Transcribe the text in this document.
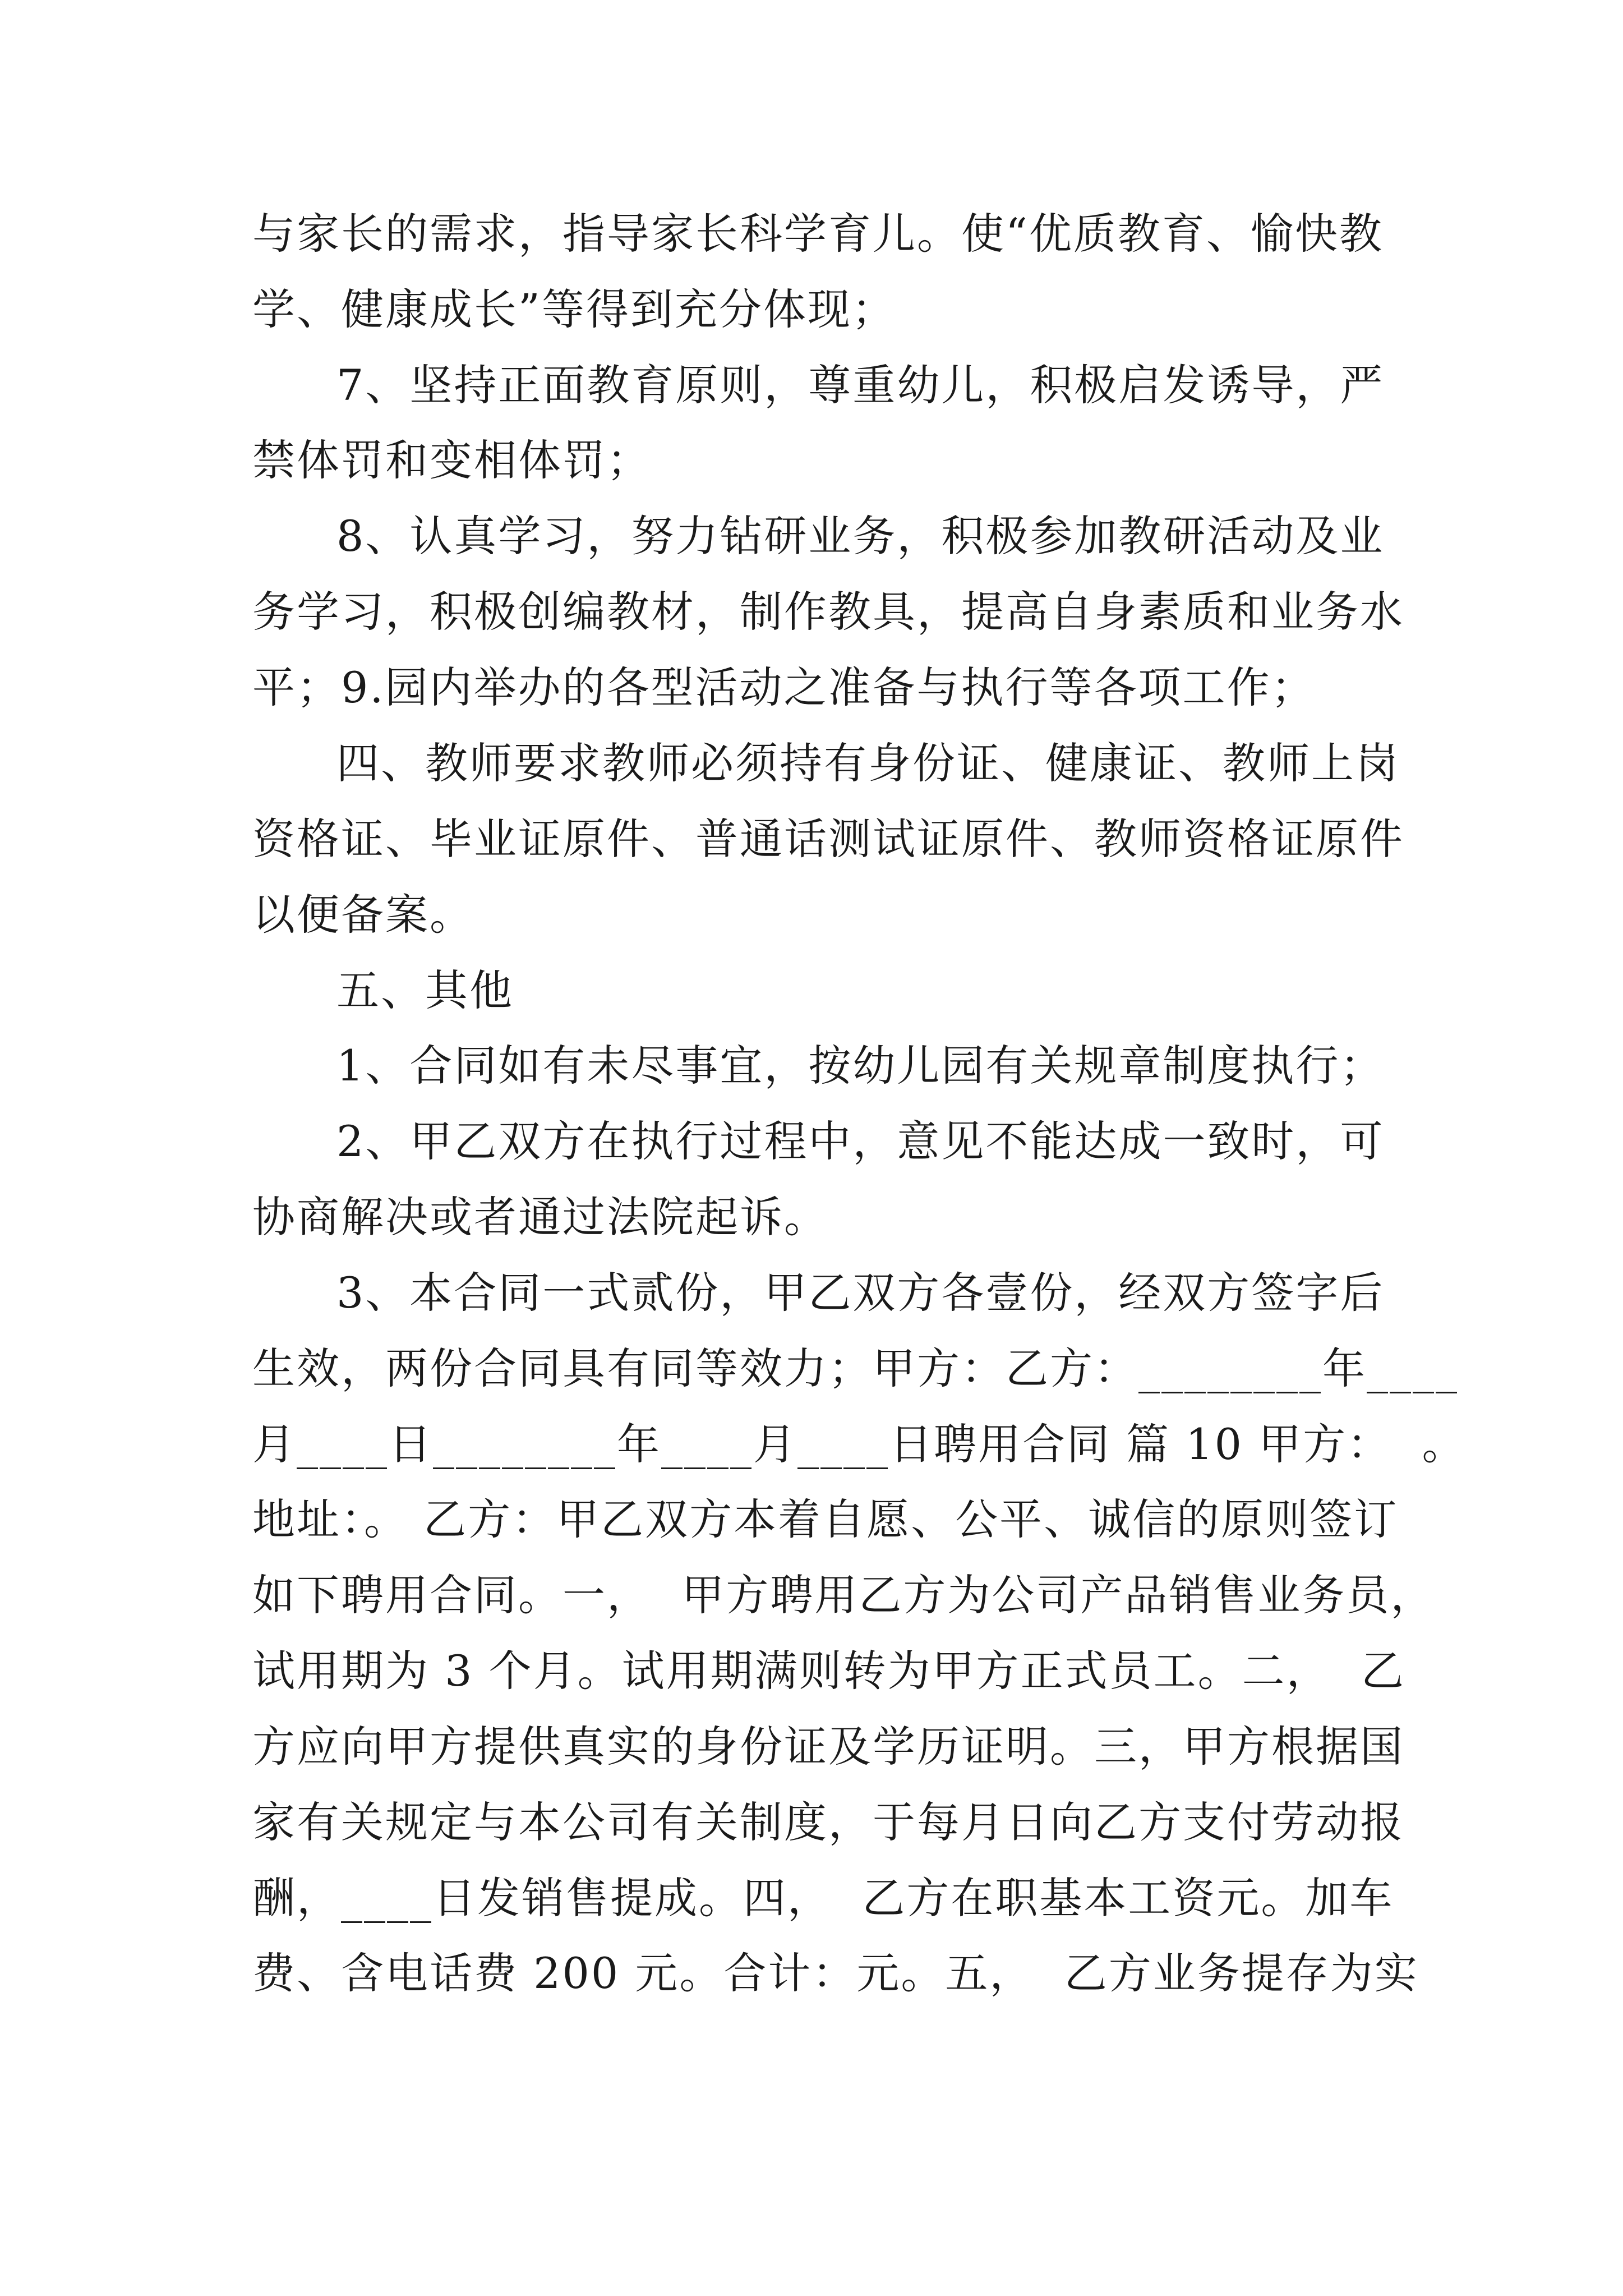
与家长的需求，指导家长科学育儿。使“优质教育、愉快教
学、健康成长”等得到充分体现；
7、坚持正面教育原则，尊重幼儿，积极启发诱导，严
禁体罚和变相体罚；
8、认真学习，努力钻研业务，积极参加教研活动及业
务学习，积极创编教材，制作教具，提高自身素质和业务水
平；9.园内举办的各型活动之准备与执行等各项工作；
四、教师要求教师必须持有身份证、健康证、教师上岗
资格证、毕业证原件、普通话测试证原件、教师资格证原件
以便备案。
五、其他
1、合同如有未尽事宜，按幼儿园有关规章制度执行；
2、甲乙双方在执行过程中，意见不能达成一致时，可
协商解决或者通过法院起诉。
3、本合同一式贰份，甲乙双方各壹份，经双方签字后
生效，两份合同具有同等效力；甲方：乙方：________年____
月____日________年____月____日聘用合同 篇 10 甲方：  。
地址：。 乙方：甲乙双方本着自愿、公平、诚信的原则签订
如下聘用合同。一，  甲方聘用乙方为公司产品销售业务员，
试用期为 3 个月。试用期满则转为甲方正式员工。二，  乙
方应向甲方提供真实的身份证及学历证明。三，甲方根据国
家有关规定与本公司有关制度，于每月日向乙方支付劳动报
酬，____日发销售提成。四，  乙方在职基本工资元。加车
费、含电话费 200 元。合计：元。五，  乙方业务提存为实
